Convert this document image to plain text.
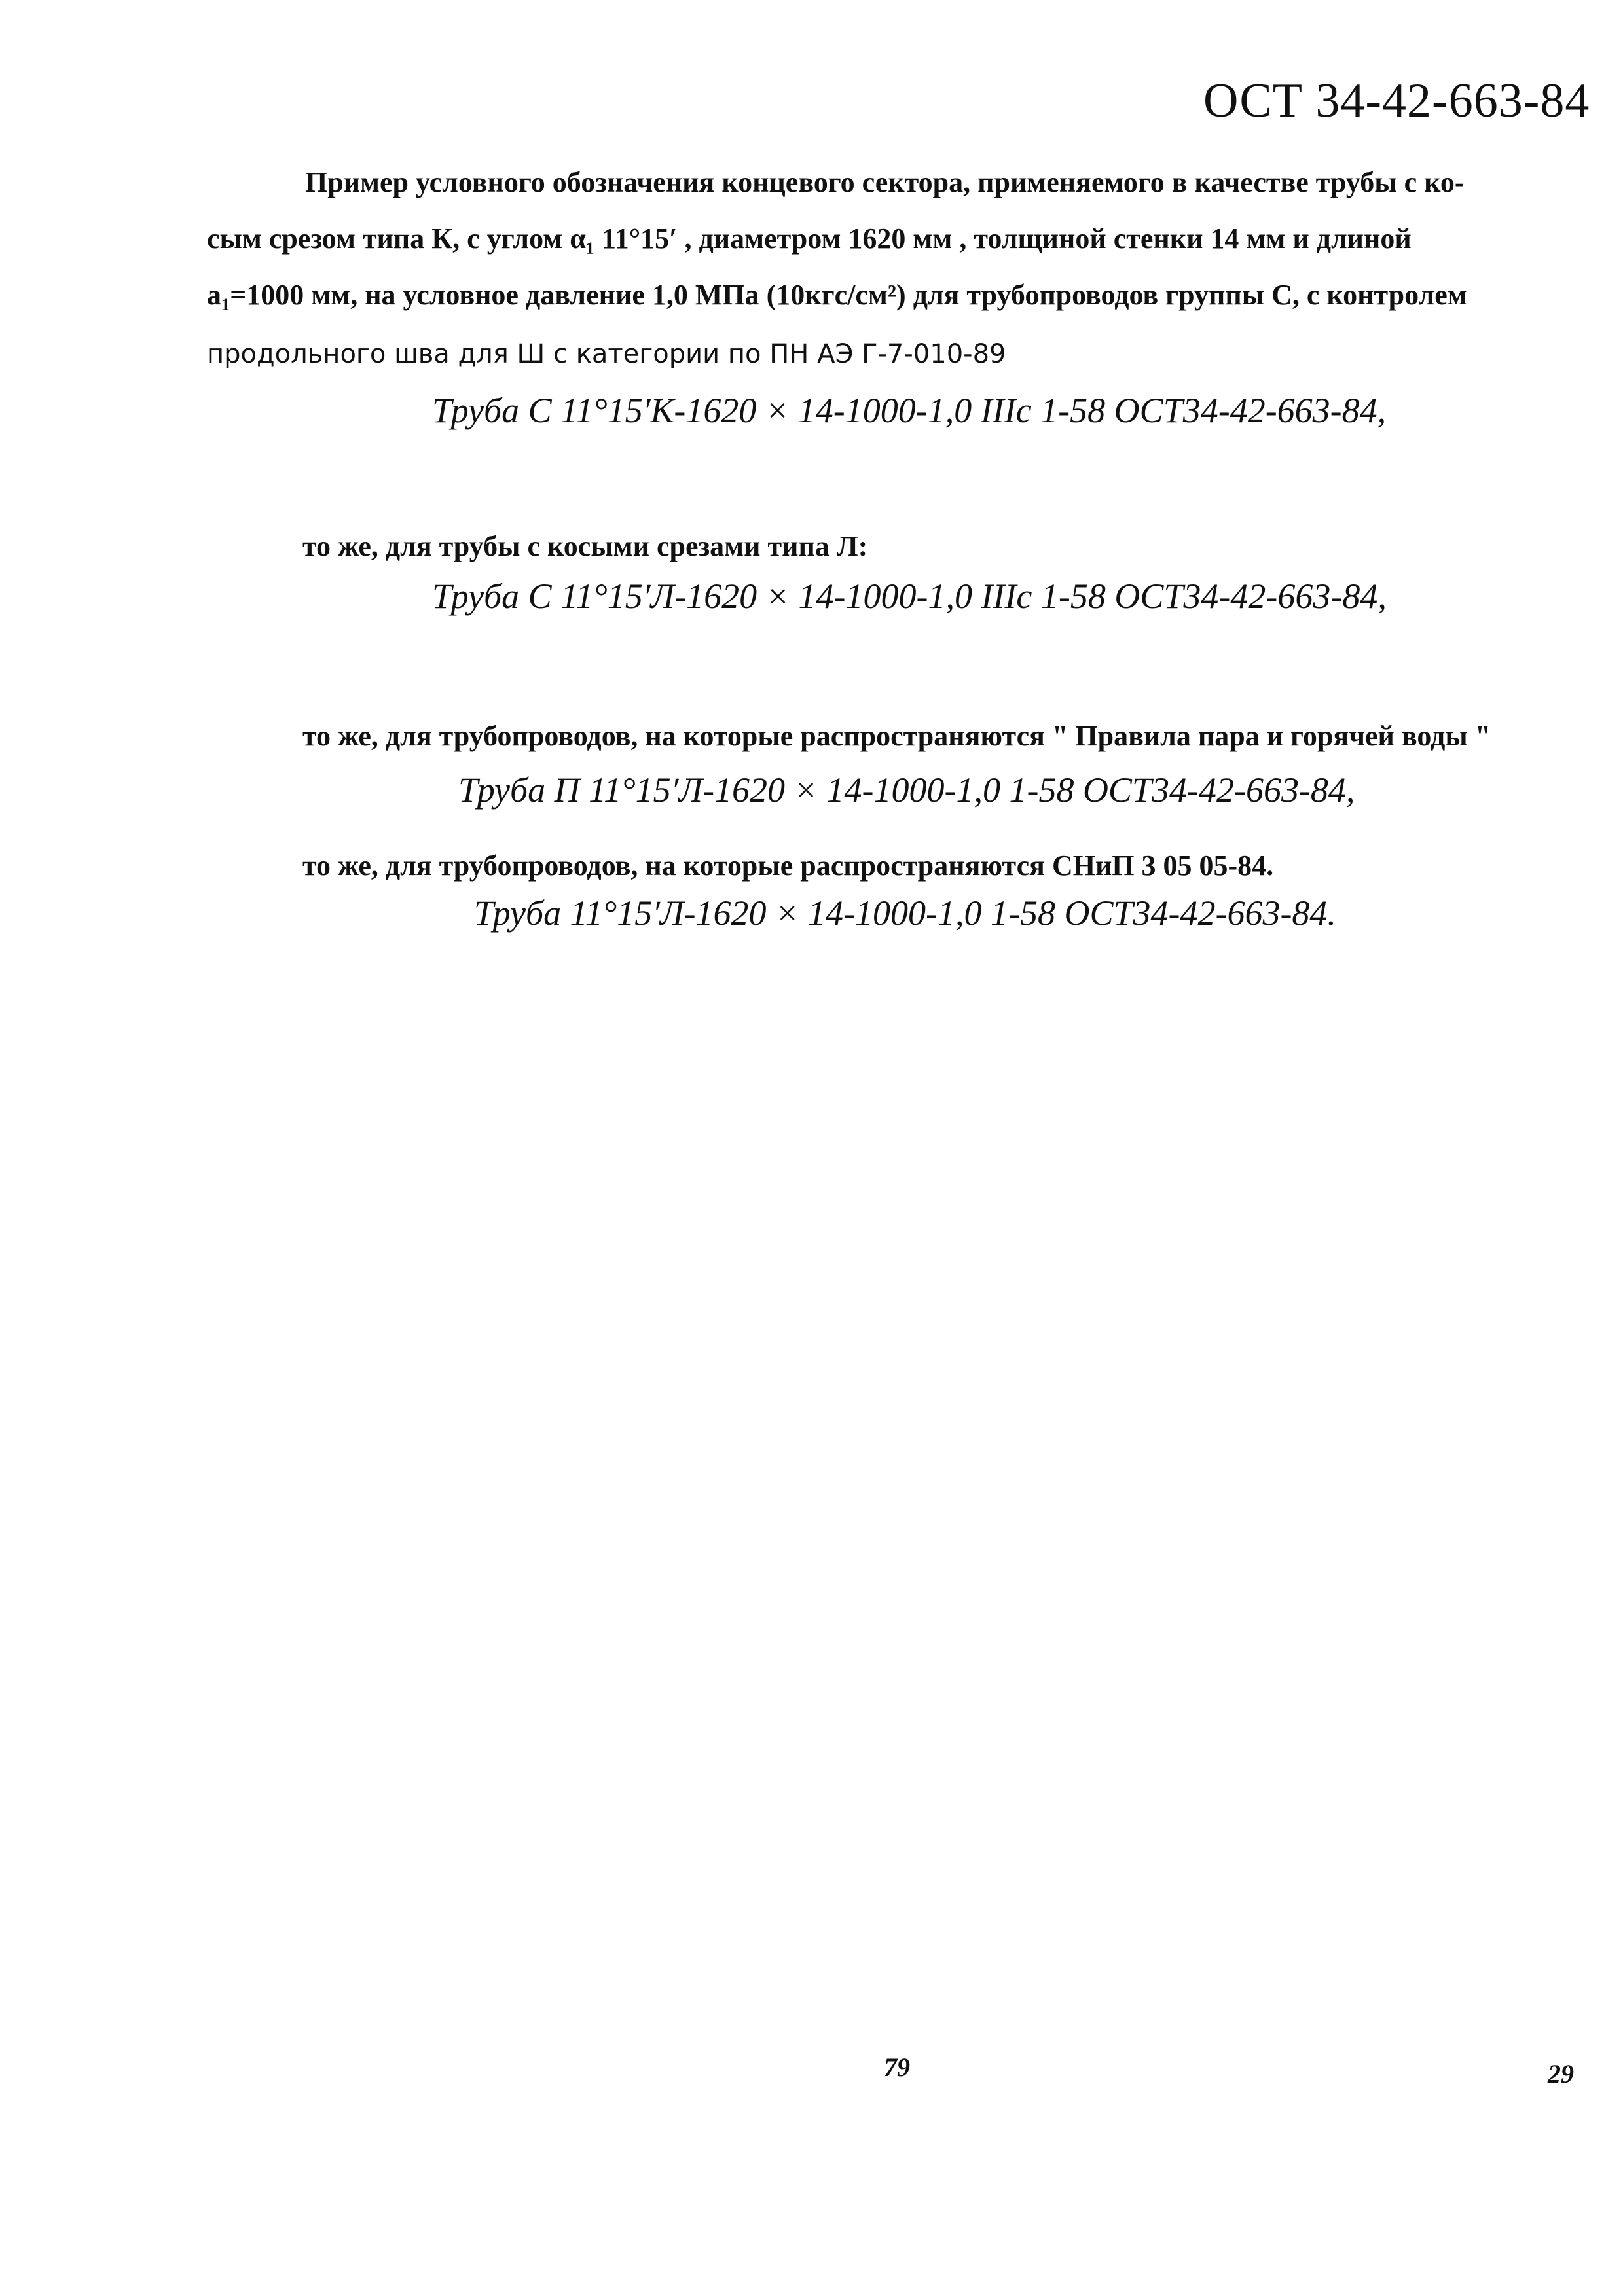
ОСТ 34-42-663-84
Пример условного обозначения концевого сектора, применяемого в качестве трубы с ко-
сым срезом типа К, с углом α₁ 11°15′ , диаметром 1620 мм , толщиной стенки 14 мм и длиной
a₁=1000 мм, на условное давление 1,0 МПа (10кгс/см²) для трубопроводов группы С, с контролем
продольного шва для Ш с категории по ПН АЭ Г-7-010-89
Труба С 11°15′К-1620 × 14-1000-1,0 IIIc 1-58 ОСТ34-42-663-84,
то же, для трубы с косыми срезами типа Л:
Труба С 11°15′Л-1620 × 14-1000-1,0 IIIc 1-58 ОСТ34-42-663-84,
то же, для трубопроводов, на которые распространяются " Правила пара и горячей воды "
Труба П 11°15′Л-1620 × 14-1000-1,0 1-58 ОСТ34-42-663-84,
то же, для трубопроводов, на которые распространяются СНиП 3 05 05-84.
Труба 11°15′Л-1620 × 14-1000-1,0 1-58 ОСТ34-42-663-84.
79	29
